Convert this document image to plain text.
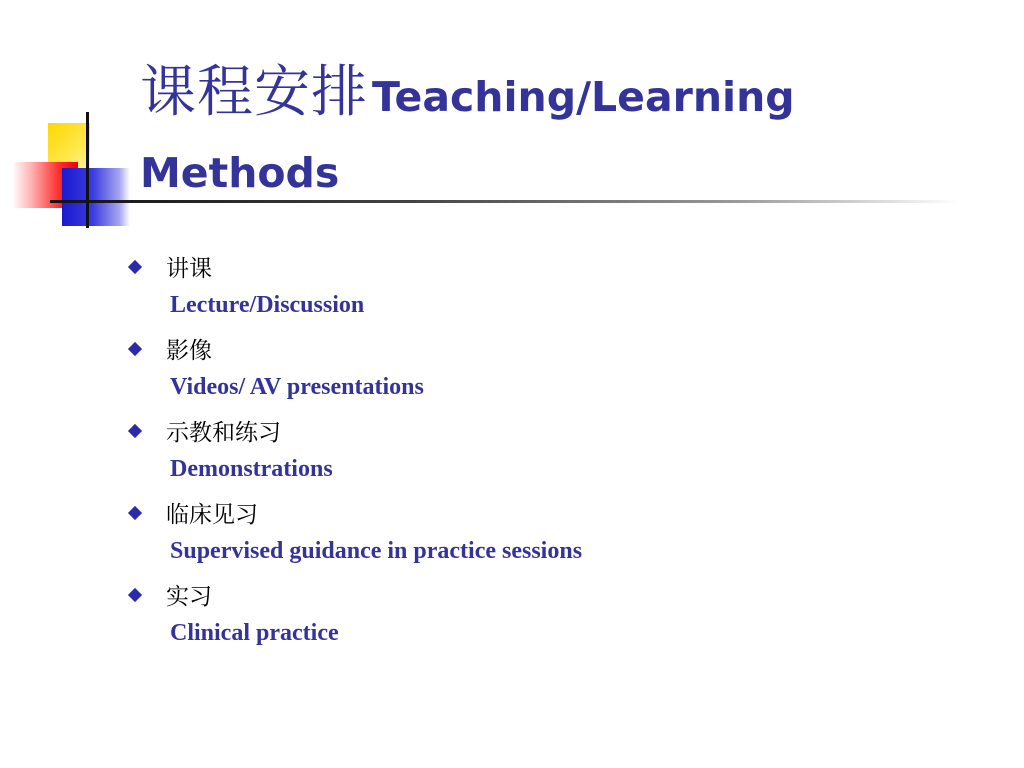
课程安排 Teaching/Learning Methods
讲课
Lecture/Discussion
影像
Videos/ AV presentations
示教和练习
Demonstrations
临床见习
Supervised guidance in practice sessions
实习
Clinical practice
